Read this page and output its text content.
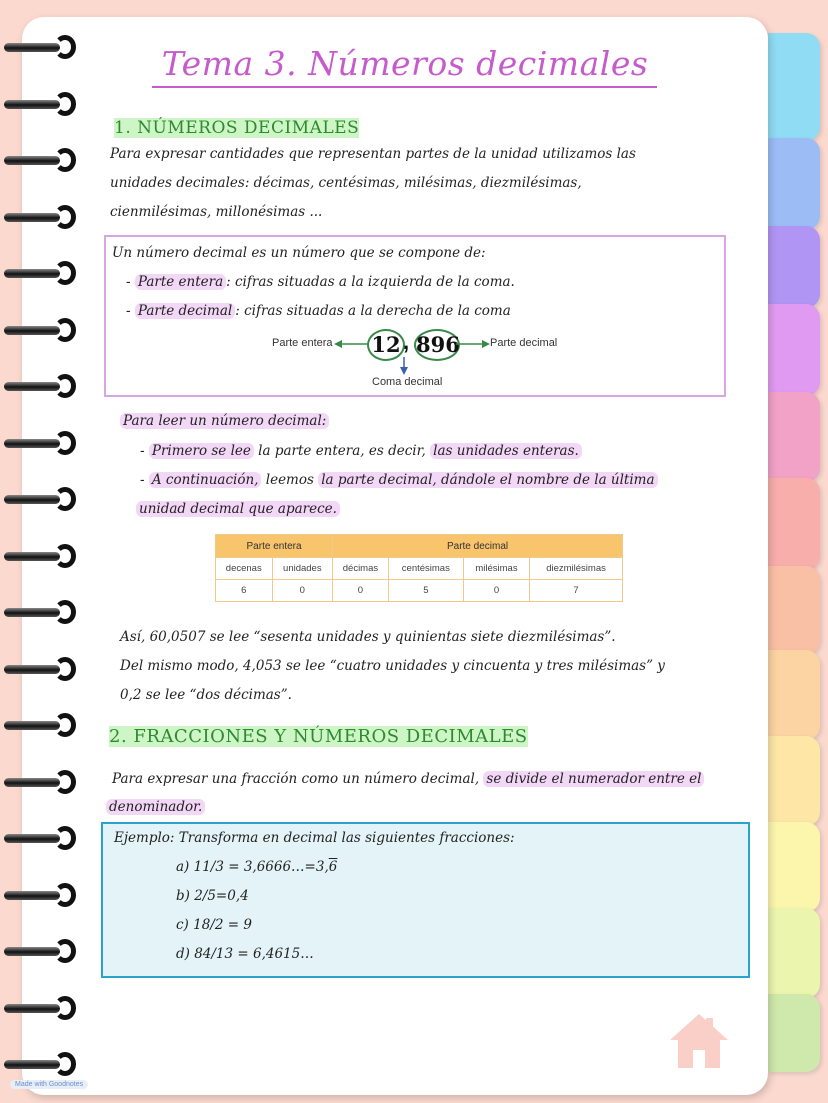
Tema 3. Números decimales
1. NÚMEROS DECIMALES
Para expresar cantidades que representan partes de la unidad utilizamos las
unidades decimales: décimas, centésimas, milésimas, diezmilésimas,
cienmilésimas, millonésimas ...
Un número decimal es un número que se compone de:
- Parte entera : cifras situadas a la izquierda de la coma.
- Parte decimal : cifras situadas a la derecha de la coma
Parte entera 12 , 896	Parte decimal
Coma decimal
Para leer un número decimal:
- Primero se lee la parte entera, es decir, las unidades enteras.
- A continuación, leemos la parte decimal, dándole el nombre de la última
unidad decimal que aparece.
Parte entera		Parte decimal			
decenas	unidades	décimas	centésimas	milésimas	diezmilésimas
6	0	0	5	0	7
Así, 60,0507 se lee “sesenta unidades y quinientas siete diezmilésimas”.
Del mismo modo, 4,053 se lee “cuatro unidades y cincuenta y tres milésimas” y
0,2 se lee “dos décimas”.
2. FRACCIONES Y NÚMEROS DECIMALES
Para expresar una fracción como un número decimal, se divide el numerador entre el
denominador.
Ejemplo: Transforma en decimal las siguientes fracciones:
a) 11/3 = 3,6666…=3,6
b) 2/5=0,4
c) 18/2 = 9
d) 84/13 = 6,4615…
Made with Goodnotes
